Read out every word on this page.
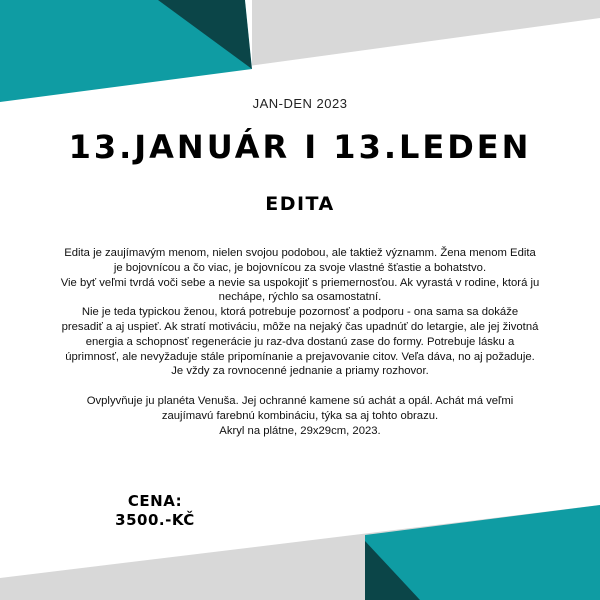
JAN-DEN 2023
13.JANUÁR I 13.LEDEN
EDITA

Edita je zaujímavým menom, nielen svojou podobou, ale taktiež významm. Žena menom Edita je bojovnícou a čo viac, je bojovnícou za svoje vlastné šťastie a bohatstvo.

Vie byť veľmi tvrdá voči sebe a nevie sa uspokojiť s priemernosťou. Ak vyrastá v rodine, ktorá ju nechápe, rýchlo sa osamostatní.

Nie je teda typickou ženou, ktorá potrebuje pozornosť a podporu - ona sama sa dokáže presadiť a aj uspieť. Ak stratí motiváciu, môže na nejaký čas upadnúť do letargie, ale jej životná energia a schopnosť regenerácie ju raz-dva dostanú zase do formy. Potrebuje lásku a úprimnosť, ale nevyžaduje stále pripomínanie a prejavovanie citov. Veľa dáva, no aj požaduje. Je vždy za rovnocenné jednanie a priamy rozhovor.

Ovplyvňuje ju planéta Venuša. Jej ochranné kamene sú achát a opál. Achát má veľmi zaujímavú farebnú kombináciu, týka sa aj tohto obrazu.

Akryl na plátne, 29x29cm, 2023.

CENA:
3500.-KČ
